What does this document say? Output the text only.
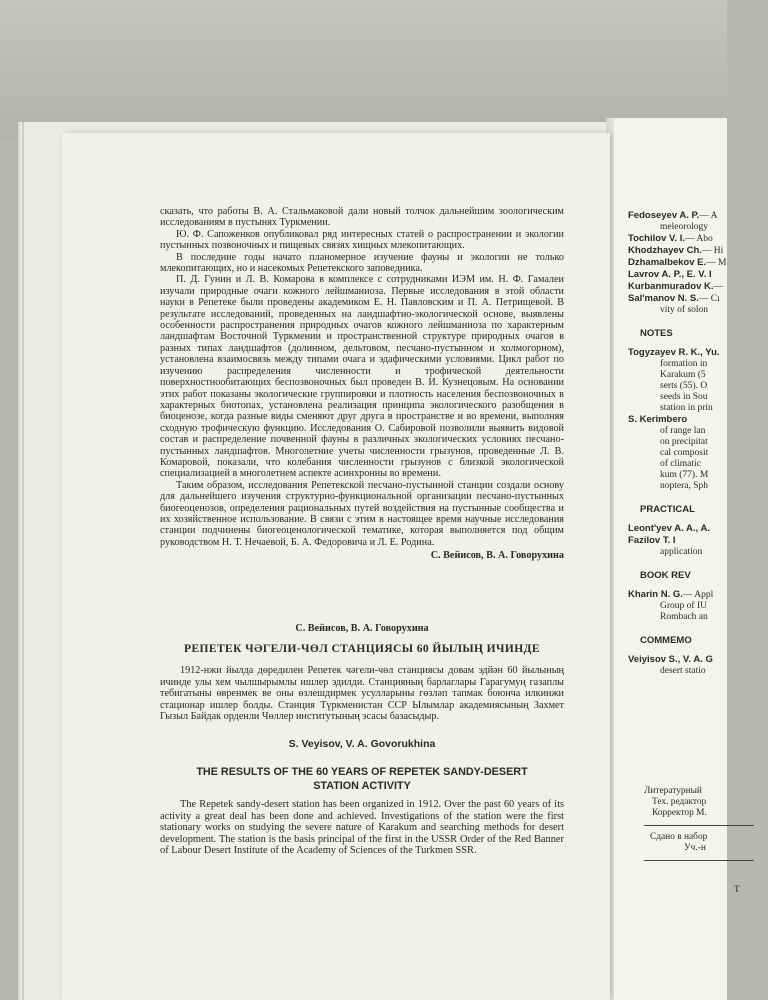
сказать, что работы В. А. Стальмаковой дали новый толчок дальнейшим зоологическим исследованиям в пустынях Туркмении.

Ю. Ф. Сапоженков опубликовал ряд интересных статей о распространении и экологии пустынных позвоночных и пищевых связях хищных млекопитающих.

В последние годы начато планомерное изучение фауны и экологии не только млекопитающих, но и насекомых Репетекского заповедника.

П. Д. Гунин и Л. В. Комарова в комплексе с сотрудниками ИЭМ им. Н. Ф. Гамалеи изучали природные очаги кожного лейшманиоза. Первые исследования в этой области науки в Репетеке были проведены академиком Е. Н. Павловским и П. А. Петрищевой. В результате исследований, проведенных на ландшафтно-экологической основе, выявлены особенности распространения природных очагов кожного лейшманиоза по характерным ландшафтам Восточной Туркмении и пространственной структуре природных очагов в разных типах ландшафтов (долинном, дельтовом, песчано-пустынном и холмогорном), установлена взаимосвязь между типами очага и эдафическими условиями. Цикл работ по изучению распределения численности и трофической деятельности поверхностнообитающих беспозвоночных был проведен В. И. Кузнецовым. На основании этих работ показаны экологические группировки и плотность населения беспозвоночных в характерных биотопах, установлена реализация принципа экологического разобщения в биоценозе, когда разные виды сменяют друг друга в пространстве и во времени, выполняя сходную трофическую функцию. Исследования О. Сабировой позволили выявить видовой состав и распределение почвенной фауны в различных экологических условиях песчано-пустынных ландшафтов. Многолетние учеты численности грызунов, проведенные Л. В. Комаровой, показали, что колебания численности грызунов с близкой экологической специализацией в многолетнем аспекте асинхронны во времени.

Таким образом, исследования Репетекской песчано-пустынной станции создали основу для дальнейшего изучения структурно-функциональной организации песчано-пустынных биогеоценозов, определения рациональных путей воздействия на пустынные сообщества и их хозяйственное использование. В связи с этим в настоящее время научные исследования станции подчинены биогеоценологической тематике, которая выполняется под общим руководством Н. Т. Нечаевой, Б. А. Федоровича и Л. Е. Родина.

С. Вейисов, В. А. Говорухина
С. Вейисов, В. А. Говорухина
РЕПЕТЕК ЧӘГЕЛИ-ЧӨЛ СТАНЦИЯСЫ 60 ЙЫЛЫҢ ИЧИНДЕ

1912-нжи йылда дөредилен Репетек чәгели-чөл станциясы довам эдйән 60 йылының ичинде улы хем чылшырымлы ишлер эдилди. Станцияның барлаглары Гарагумуң газаплы тебигатыны өвренмек ве оны өзлешдирмек усулларыны гөзләп тапмак боюнча илкинжи стационар ишлер болды. Станция Түркменистан ССР Ылымлар академиясының Захмет Гызыл Байдак орденли Чөллер институтының эсасы базасыдыр.

S. Veyisov, V. A. Govorukhina
THE RESULTS OF THE 60 YEARS OF REPETEK SANDY-DESERT
STATION ACTIVITY

The Repetek sandy-desert station has been organized in 1912. Over the past 60 years of its activity a great deal has been done and achieved. Investigations of the station were the first stationary works on studying the severe nature of Karakum and searching methods for desert development. The station is the basis principal of the first in the USSR Order of the Red Banner of Labour Desert Institute of the Academy of Sciences of the Turkmen SSR.

Fedoseyev A. P.— A
meleorology
Tochilov V. I.— Abo
Khodzhayev Ch.— Hi
Dzhamalbekov E.— M
Lavrov A. P., E. V. I
Kurbanmuradov K.—
Sal'manov N. S.— Сı
vity of solon
NOTES
Togyzayev R. K., Yu.
formation in
Karakum (5
serts (55). O
seeds in Sou
station in prin
S. Kerimbero
of range lan
on precipitat
cal composit
of climatic
kum (77). M
noptera, Sph
PRACTICAL
Leont'yev A. A., A.
Fazilov T. I
application
BOOK REV
Kharin N. G.— Appl
Group of IU
Rombach an
COMMEMO
Veiyisov S., V. A. G
desert statio
Литературный
Тех. редактор
Корректор М.
Сдано в набор
Уч.-н
Т
